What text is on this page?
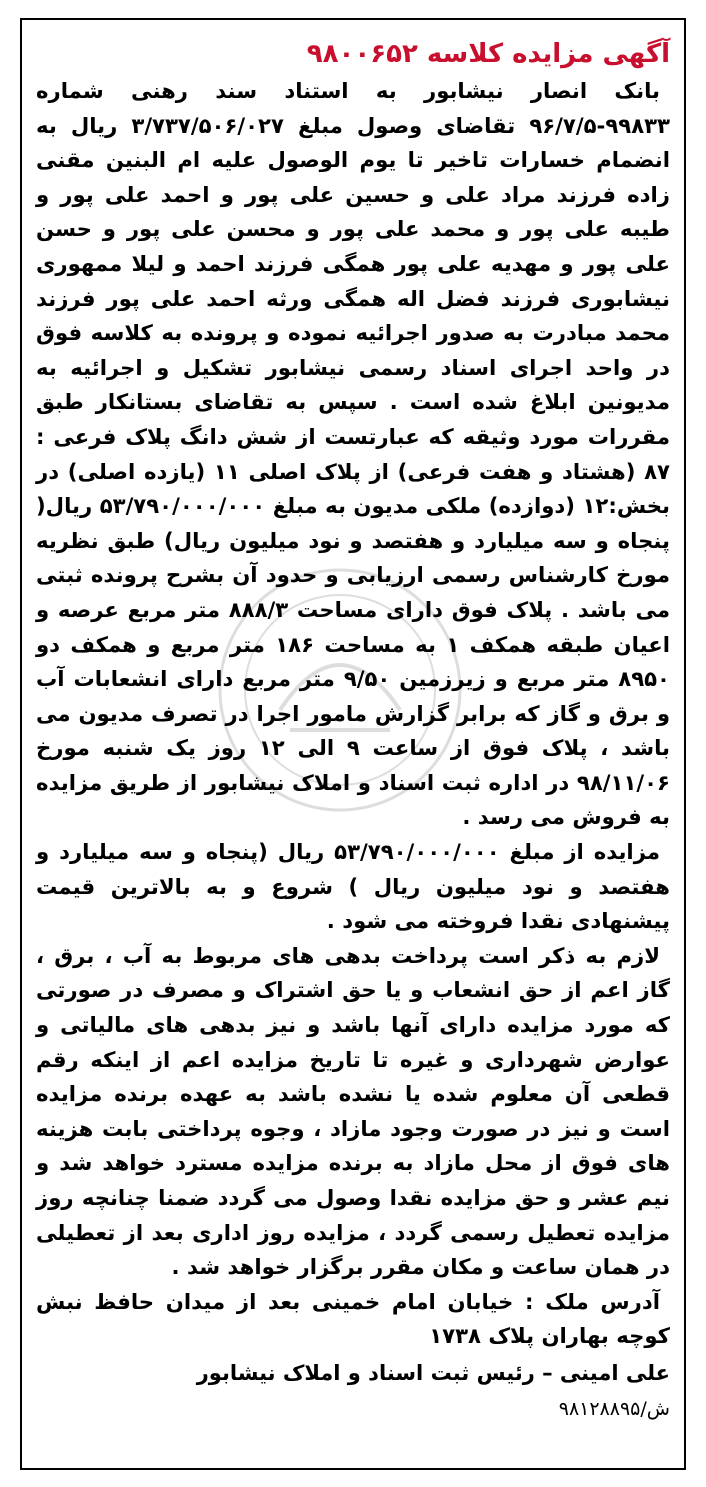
آگهی مزایده کلاسه ۹۸۰۰۶۵۲

بانک انصار نیشابور به استناد سند رهنی شماره ۹۹۸۳۳-۹۶/۷/۵ تقاضای وصول مبلغ ۳/۷۳۷/۵۰۶/۰۲۷ ریال به انضمام خسارات تاخیر تا یوم الوصول علیه ام البنین مقنی زاده فرزند مراد علی و حسین علی پور و احمد علی پور و طیبه علی پور و محمد علی پور و محسن علی پور و حسن علی پور و مهدیه علی پور همگی فرزند احمد و لیلا ممهوری نیشابوری فرزند فضل اله همگی ورثه احمد علی پور فرزند محمد مبادرت به صدور اجرائیه نموده و پرونده به کلاسه فوق در واحد اجرای اسناد رسمی نیشابور تشکیل و اجرائیه به مدیونین ابلاغ شده است . سپس به تقاضای بستانکار طبق مقررات مورد وثیقه که عبارتست از شش دانگ پلاک فرعی : ۸۷ (هشتاد و هفت فرعی) از پلاک اصلی ۱۱ (یازده اصلی) در بخش:۱۲ (دوازده) ملکی مدیون به مبلغ ۵۳/۷۹۰/۰۰۰/۰۰۰ ریال( پنجاه و سه میلیارد و هفتصد و نود میلیون ریال) طبق نظریه مورخ کارشناس رسمی ارزیابی و حدود آن بشرح پرونده ثبتی می باشد . پلاک فوق دارای مساحت ۸۸۸/۳ متر مربع عرصه و اعیان طبقه همکف ۱ به مساحت ۱۸۶ متر مربع و همکف دو ۸۹۵۰ متر مربع و زیرزمین ۹/۵۰ متر مربع دارای انشعابات آب و برق و گاز که برابر گزارش مامور اجرا در تصرف مدیون می باشد ، پلاک فوق از ساعت ۹ الی ۱۲ روز یک شنبه مورخ ۹۸/۱۱/۰۶ در اداره ثبت اسناد و املاک نیشابور از طریق مزایده به فروش می رسد .

مزایده از مبلغ ۵۳/۷۹۰/۰۰۰/۰۰۰ ریال (پنجاه و سه میلیارد و هفتصد و نود میلیون ریال ) شروع و به بالاترین قیمت پیشنهادی نقدا فروخته می شود .

لازم به ذکر است پرداخت بدهی های مربوط به آب ، برق ، گاز اعم از حق انشعاب و یا حق اشتراک و مصرف در صورتی که مورد مزایده دارای آنها باشد و نیز بدهی های مالیاتی و عوارض شهرداری و غیره تا تاریخ مزایده اعم از اینکه رقم قطعی آن معلوم شده یا نشده باشد به عهده برنده مزایده است و نیز در صورت وجود مازاد ، وجوه پرداختی بابت هزینه های فوق از محل مازاد به برنده مزایده مسترد خواهد شد و نیم عشر و حق مزایده نقدا وصول می گردد ضمنا چنانچه روز مزایده تعطیل رسمی گردد ، مزایده روز اداری بعد از تعطیلی در همان ساعت و مکان مقرر برگزار خواهد شد .

آدرس ملک : خیابان امام خمینی بعد از میدان حافظ نبش کوچه بهاران پلاک ۱۷۳۸

علی امینی – رئیس ثبت اسناد و املاک نیشابور
ش/۹۸۱۲۸۸۹۵
